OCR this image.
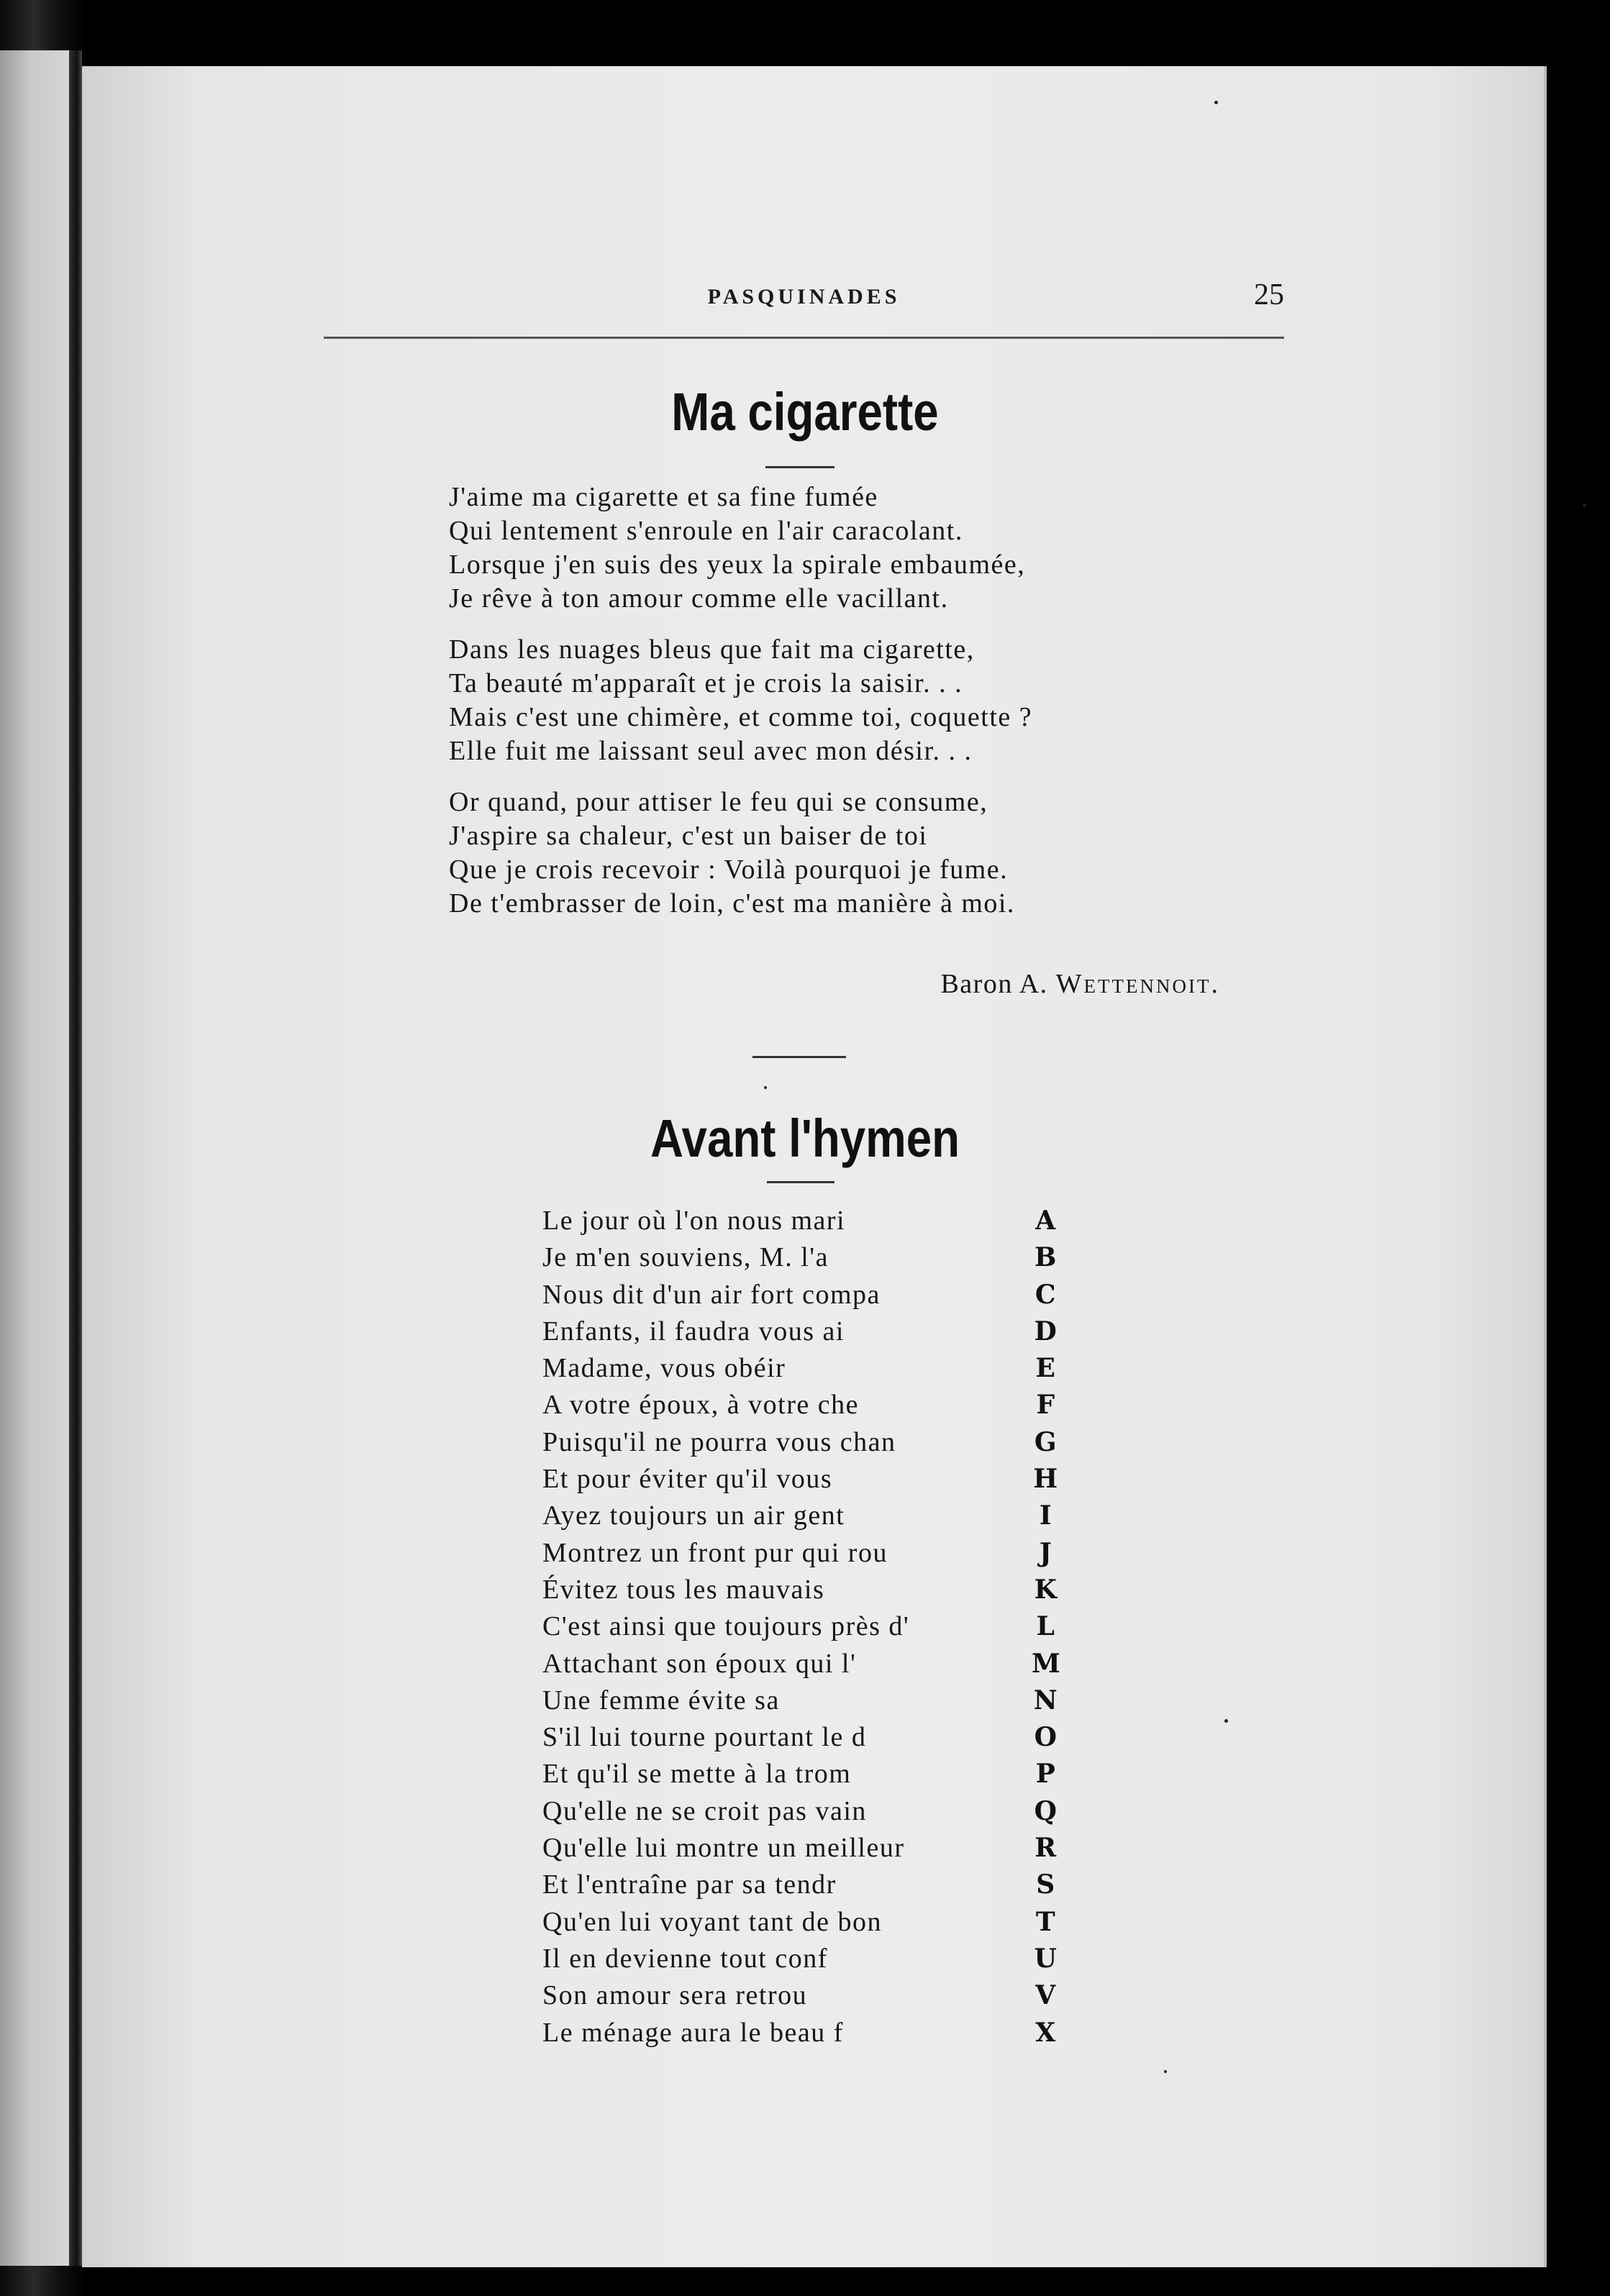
PASQUINADES	25
Ma cigarette
J'aime ma cigarette et sa fine fumée
Qui lentement s'enroule en l'air caracolant.
Lorsque j'en suis des yeux la spirale embaumée,
Je rêve à ton amour comme elle vacillant.
Dans les nuages bleus que fait ma cigarette,
Ta beauté m'apparaît et je crois la saisir. . .
Mais c'est une chimère, et comme toi, coquette ?
Elle fuit me laissant seul avec mon désir. . .
Or quand, pour attiser le feu qui se consume,
J'aspire sa chaleur, c'est un baiser de toi
Que je crois recevoir : Voilà pourquoi je fume.
De t'embrasser de loin, c'est ma manière à moi.
Baron A. Wettennoit.
Avant l'hymen
Le jour où l'on nous mari	A
Je m'en souviens, M. l'a	B
Nous dit d'un air fort compa	C
Enfants, il faudra vous ai	D
Madame, vous obéir	E
A votre époux, à votre che	F
Puisqu'il ne pourra vous chan	G
Et pour éviter qu'il vous	H
Ayez toujours un air gent	I
Montrez un front pur qui rou	J
Évitez tous les mauvais	K
C'est ainsi que toujours près d'	L
Attachant son époux qui l'	M
Une femme évite sa	N
S'il lui tourne pourtant le d	O
Et qu'il se mette à la trom	P
Qu'elle ne se croit pas vain	Q
Qu'elle lui montre un meilleur	R
Et l'entraîne par sa tendr	S
Qu'en lui voyant tant de bon	T
Il en devienne tout conf	U
Son amour sera retrou	V
Le ménage aura le beau f	X
